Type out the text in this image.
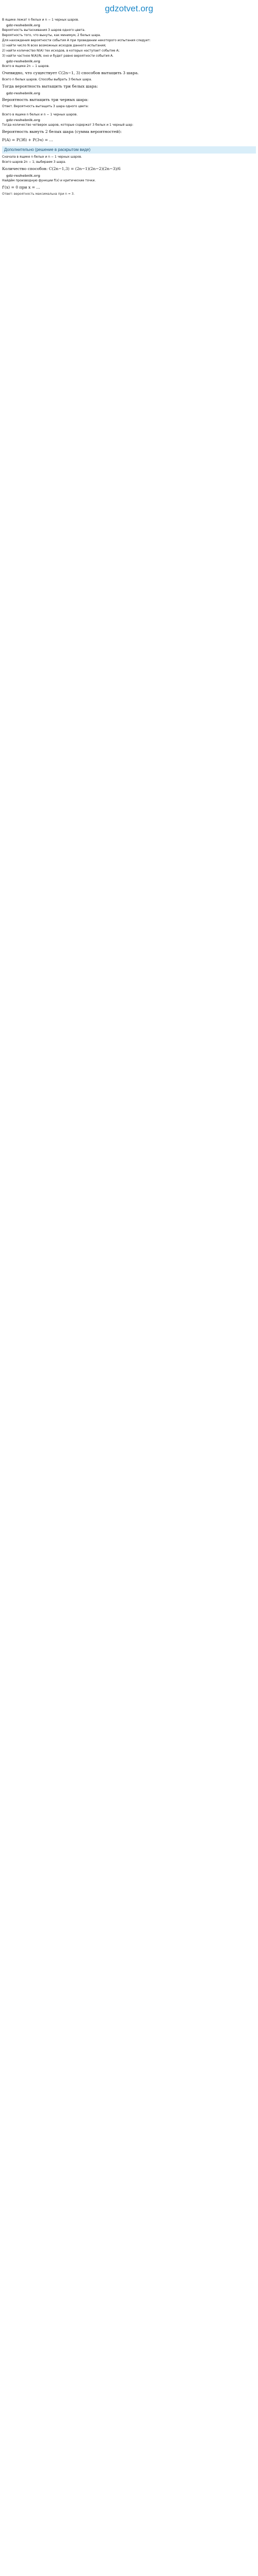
gdzotvet.org
В ящике лежат n белых и n − 1 черных шаров.
gdz-reshebnik.org
Вероятность вытаскивания 3 шаров одного цвета.
Вероятность того, что вынуты, как минимум, 2 белых шара.
Для нахождения вероятности события A при проведении некоторого испытания следует:
1) найти число N всех возможных исходов данного испытания;
2) найти количество N(A) тех исходов, в которых наступает событие A;
3) найти частное N(A)/N, оно и будет равно вероятности события A.
gdz-reshebnik.org
Всего в ящике 2n − 1 шаров.
Очевидно, что существует C(2n−1, 3) способов вытащить 3 шара.
Всего n белых шаров. Способы выбрать 3 белых шара.
Тогда вероятность вытащить три белых шара:
gdz-reshebnik.org
Вероятность вытащить три черных шара:
Ответ. Вероятность вытащить 3 шара одного цвета:
Всего в ящике n белых и n − 1 черных шаров.
gdz-reshebnik.org
Тогда количество четверок шаров, которые содержат 3 белых и 1 черный шар:
Вероятность вынуть 2 белых шара (сумма вероятностей):
P(A) = P(3б) + P(3ч) = ...
Дополнительно (решение в раскрытом виде)
Сначала в ящике n белых и n − 1 черных шаров.
Всего шаров 2n − 1; выбираем 3 шара.
Количество способов: C(2n−1,3) = (2n−1)(2n−2)(2n−3)/6
gdz-reshebnik.org
Найдём производную функции f(x) и критические точки.
f'(x) = 0 при x = ...
Ответ: вероятность максимальна при n = 3.
